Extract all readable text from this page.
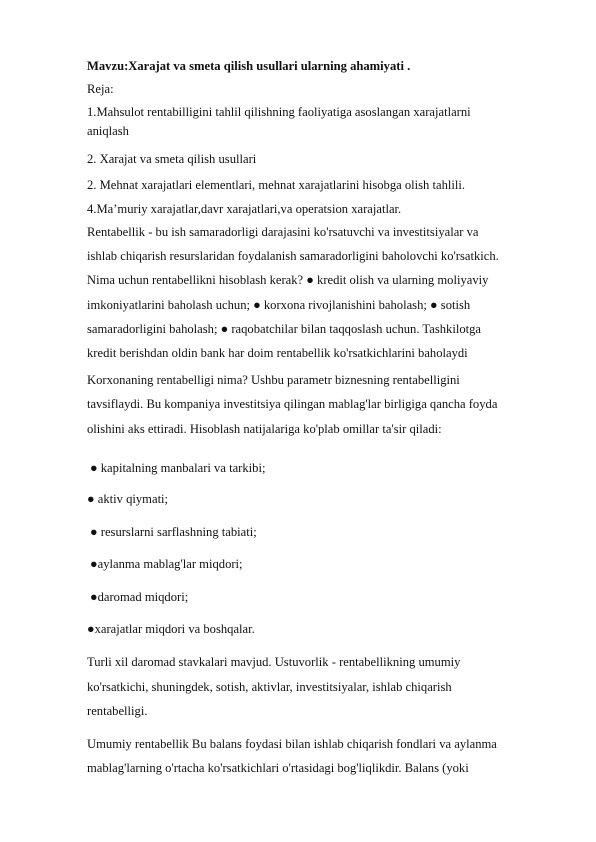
Mavzu:Xarajat va smeta qilish usullari ularning ahamiyati .
Reja:
1.Mahsulot rentabilligini tahlil qilishning faoliyatiga asoslangan xarajatlarni
aniqlash
2. Xarajat va smeta qilish usullari
2. Mehnat xarajatlari elementlari, mehnat xarajatlarini hisobga olish tahlili.
4.Ma’muriy xarajatlar,davr xarajatlari,va operatsion xarajatlar.
Rentabellik - bu ish samaradorligi darajasini ko'rsatuvchi va investitsiyalar va
ishlab chiqarish resurslaridan foydalanish samaradorligini baholovchi ko'rsatkich.
Nima uchun rentabellikni hisoblash kerak? ● kredit olish va ularning moliyaviy
imkoniyatlarini baholash uchun; ● korxona rivojlanishini baholash; ● sotish
samaradorligini baholash; ● raqobatchilar bilan taqqoslash uchun. Tashkilotga
kredit berishdan oldin bank har doim rentabellik ko'rsatkichlarini baholaydi
Korxonaning rentabelligi nima? Ushbu parametr biznesning rentabelligini
tavsiflaydi. Bu kompaniya investitsiya qilingan mablag'lar birligiga qancha foyda
olishini aks ettiradi. Hisoblash natijalariga ko'plab omillar ta'sir qiladi:
● kapitalning manbalari va tarkibi;
● aktiv qiymati;
● resurslarni sarflashning tabiati;
●aylanma mablag'lar miqdori;
●daromad miqdori;
●xarajatlar miqdori va boshqalar.
Turli xil daromad stavkalari mavjud. Ustuvorlik - rentabellikning umumiy
ko'rsatkichi, shuningdek, sotish, aktivlar, investitsiyalar, ishlab chiqarish
rentabelligi.
Umumiy rentabellik Bu balans foydasi bilan ishlab chiqarish fondlari va aylanma
mablag'larning o'rtacha ko'rsatkichlari o'rtasidagi bog'liqlikdir. Balans (yoki
